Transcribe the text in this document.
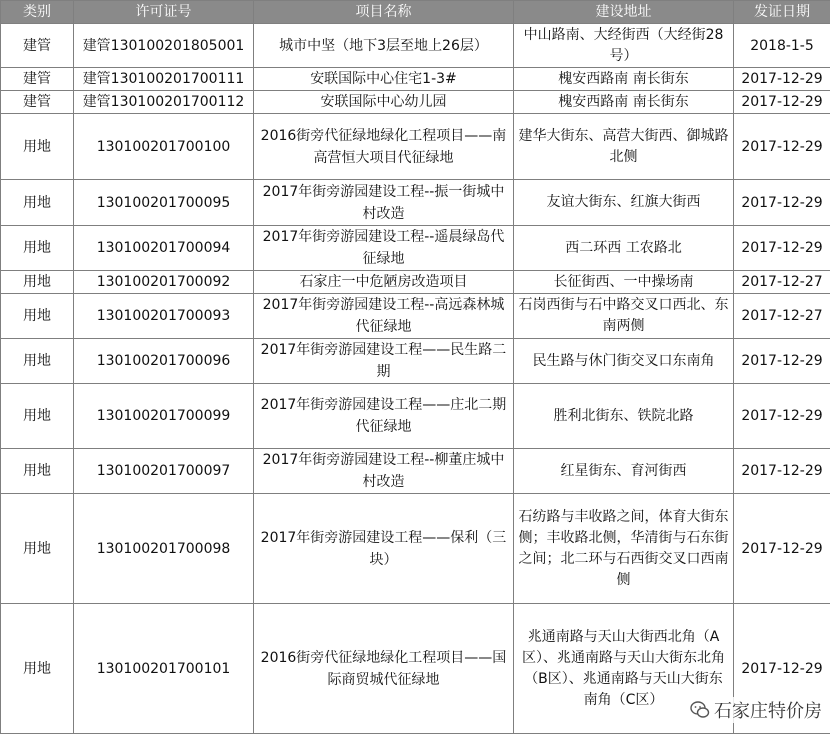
类别	许可证号	项目名称	建设地址	发证日期
建管	建管130100201805001	城市中坚（地下3层至地上26层）	中山路南、大经街西（大经街28号）	2018-1-5
建管	建管130100201700111	安联国际中心住宅1-3#	槐安西路南 南长街东	2017-12-29
建管	建管130100201700112	安联国际中心幼儿园	槐安西路南 南长街东	2017-12-29
用地	130100201700100	2016街旁代征绿地绿化工程项目——南高营恒大项目代征绿地	建华大街东、高营大街西、御城路北侧	2017-12-29
用地	130100201700095	2017年街旁游园建设工程--振一街城中村改造	友谊大街东、红旗大街西	2017-12-29
用地	130100201700094	2017年街旁游园建设工程--遥晨绿岛代征绿地	西二环西 工农路北	2017-12-29
用地	130100201700092	石家庄一中危陋房改造项目	长征街西、一中操场南	2017-12-27
用地	130100201700093	2017年街旁游园建设工程--高远森林城代征绿地	石岗西街与石中路交叉口西北、东南两侧	2017-12-27
用地	130100201700096	2017年街旁游园建设工程——民生路二期	民生路与休门街交叉口东南角	2017-12-29
用地	130100201700099	2017年街旁游园建设工程——庄北二期代征绿地	胜利北街东、铁院北路	2017-12-29
用地	130100201700097	2017年街旁游园建设工程--柳董庄城中村改造	红星街东、育河街西	2017-12-29
用地	130100201700098	2017年街旁游园建设工程——保利（三块）	石纺路与丰收路之间，体育大街东侧；丰收路北侧，华清街与石东街之间；北二环与石西街交叉口西南侧	2017-12-29
用地	130100201700101	2016街旁代征绿地绿化工程项目——国际商贸城代征绿地	兆通南路与天山大街西北角（A区）、兆通南路与天山大街东北角（B区）、兆通南路与天山大街东南角（C区）	2017-12-29
石家庄特价房
